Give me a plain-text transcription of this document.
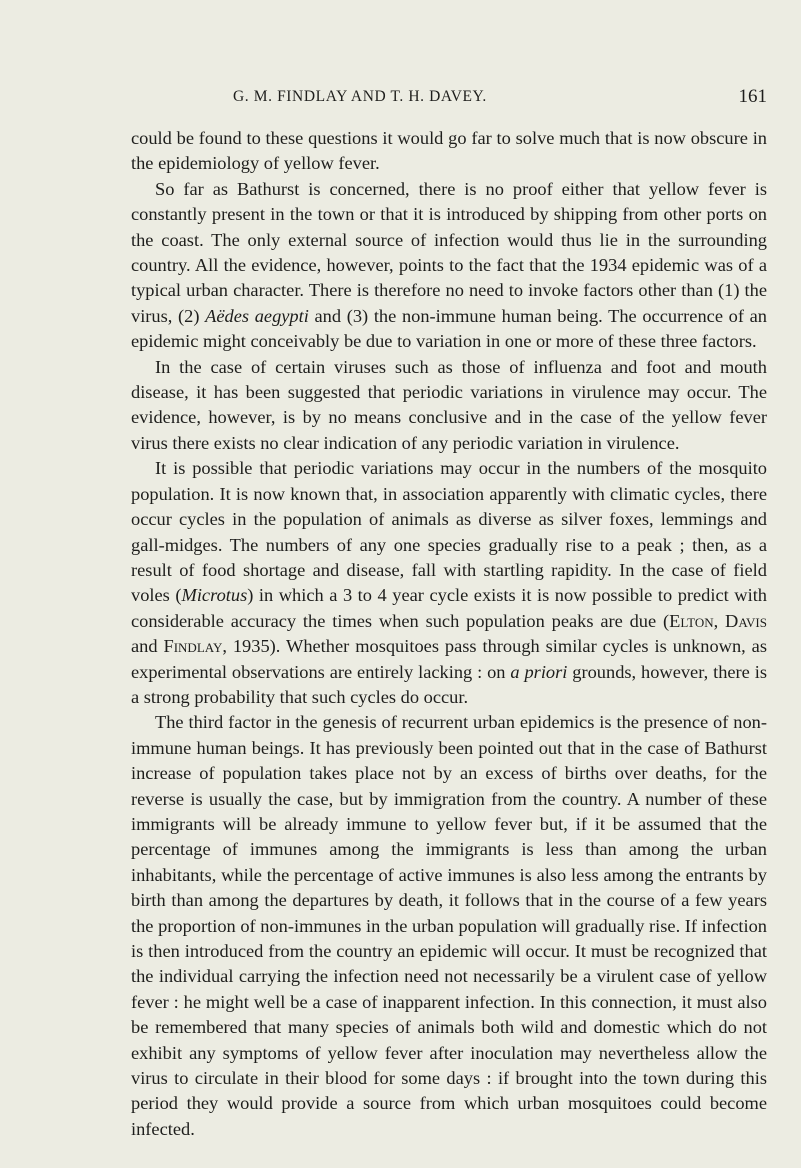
G. M. FINDLAY AND T. H. DAVEY.	161

could be found to these questions it would go far to solve much that is now obscure in the epidemiology of yellow fever.

So far as Bathurst is concerned, there is no proof either that yellow fever is constantly present in the town or that it is introduced by shipping from other ports on the coast. The only external source of infection would thus lie in the surrounding country. All the evidence, however, points to the fact that the 1934 epidemic was of a typical urban character. There is therefore no need to invoke factors other than (1) the virus, (2) Aëdes aegypti and (3) the non-immune human being. The occurrence of an epidemic might conceivably be due to variation in one or more of these three factors.

In the case of certain viruses such as those of influenza and foot and mouth disease, it has been suggested that periodic variations in virulence may occur. The evidence, however, is by no means conclusive and in the case of the yellow fever virus there exists no clear indication of any periodic variation in virulence.

It is possible that periodic variations may occur in the numbers of the mosquito population. It is now known that, in association apparently with climatic cycles, there occur cycles in the population of animals as diverse as silver foxes, lemmings and gall-midges. The numbers of any one species gradually rise to a peak ; then, as a result of food shortage and disease, fall with startling rapidity. In the case of field voles (Microtus) in which a 3 to 4 year cycle exists it is now possible to predict with considerable accuracy the times when such population peaks are due (Elton, Davis and Findlay, 1935). Whether mosquitoes pass through similar cycles is unknown, as experimental observations are entirely lacking : on a priori grounds, however, there is a strong probability that such cycles do occur.

The third factor in the genesis of recurrent urban epidemics is the presence of non-immune human beings. It has previously been pointed out that in the case of Bathurst increase of population takes place not by an excess of births over deaths, for the reverse is usually the case, but by immigration from the country. A number of these immigrants will be already immune to yellow fever but, if it be assumed that the percentage of immunes among the immigrants is less than among the urban inhabitants, while the percentage of active immunes is also less among the entrants by birth than among the departures by death, it follows that in the course of a few years the proportion of non-immunes in the urban population will gradually rise. If infection is then introduced from the country an epidemic will occur. It must be recognized that the individual carrying the infection need not necessarily be a virulent case of yellow fever : he might well be a case of inapparent infection. In this connection, it must also be remembered that many species of animals both wild and domestic which do not exhibit any symptoms of yellow fever after inoculation may nevertheless allow the virus to circulate in their blood for some days : if brought into the town during this period they would provide a source from which urban mosquitoes could become infected.
